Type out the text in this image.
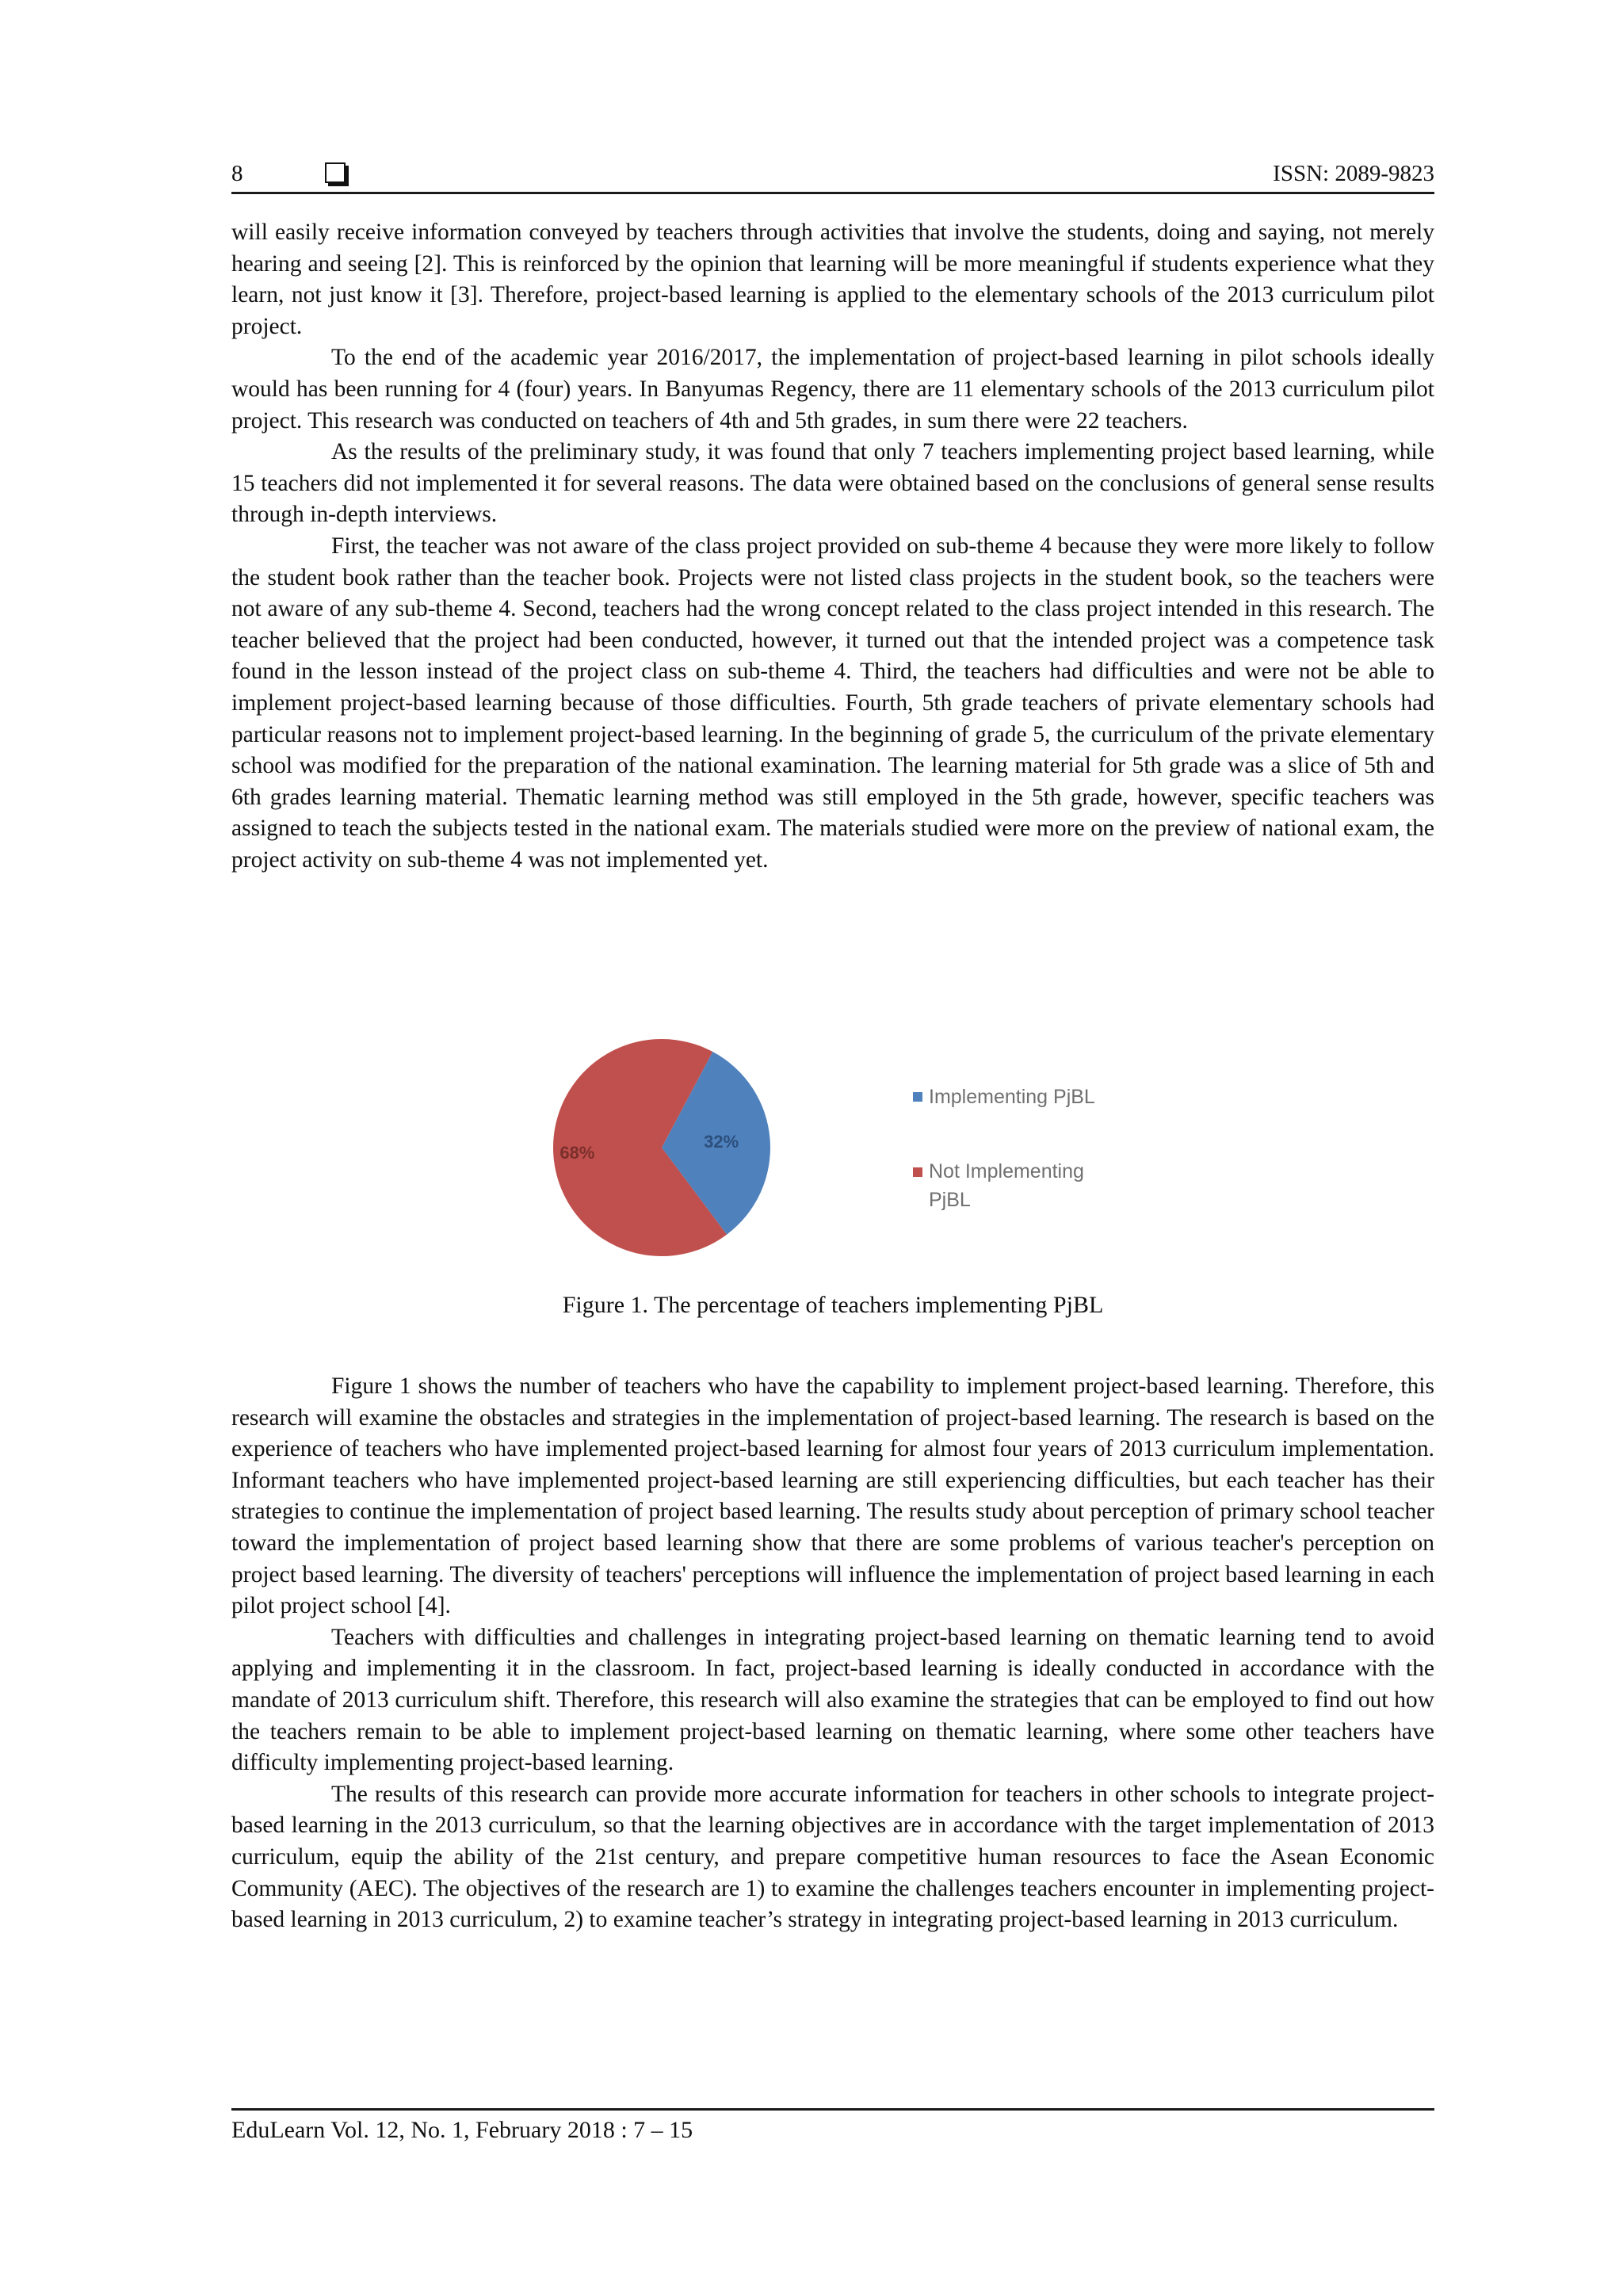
8	ISSN: 2089-9823

will easily receive information conveyed by teachers through activities that involve the students, doing and saying, not merely hearing and seeing [2]. This is reinforced by the opinion that learning will be more meaningful if students experience what they learn, not just know it [3]. Therefore, project-based learning is applied to the elementary schools of the 2013 curriculum pilot project.

To the end of the academic year 2016/2017, the implementation of project-based learning in pilot schools ideally would has been running for 4 (four) years. In Banyumas Regency, there are 11 elementary schools of the 2013 curriculum pilot project. This research was conducted on teachers of 4th and 5th grades, in sum there were 22 teachers.

As the results of the preliminary study, it was found that only 7 teachers implementing project based learning, while 15 teachers did not implemented it for several reasons. The data were obtained based on the conclusions of general sense results through in-depth interviews.

First, the teacher was not aware of the class project provided on sub-theme 4 because they were more likely to follow the student book rather than the teacher book. Projects were not listed class projects in the student book, so the teachers were not aware of any sub-theme 4. Second, teachers had the wrong concept related to the class project intended in this research. The teacher believed that the project had been conducted, however, it turned out that the intended project was a competence task found in the lesson instead of the project class on sub-theme 4. Third, the teachers had difficulties and were not be able to implement project-based learning because of those difficulties. Fourth, 5th grade teachers of private elementary schools had particular reasons not to implement project-based learning. In the beginning of grade 5, the curriculum of the private elementary school was modified for the preparation of the national examination. The learning material for 5th grade was a slice of 5th and 6th grades learning material. Thematic learning method was still employed in the 5th grade, however, specific teachers was assigned to teach the subjects tested in the national exam. The materials studied were more on the preview of national exam, the project activity on sub-theme 4 was not implemented yet.

32%
68%
Implementing PjBL
Not Implementing PjBL
Figure 1. The percentage of teachers implementing PjBL

Figure 1 shows the number of teachers who have the capability to implement project-based learning. Therefore, this research will examine the obstacles and strategies in the implementation of project-based learning. The research is based on the experience of teachers who have implemented project-based learning for almost four years of 2013 curriculum implementation. Informant teachers who have implemented project-based learning are still experiencing difficulties, but each teacher has their strategies to continue the implementation of project based learning. The results study about perception of primary school teacher toward the implementation of project based learning show that there are some problems of various teacher's perception on project based learning. The diversity of teachers' perceptions will influence the implementation of project based learning in each pilot project school [4].

Teachers with difficulties and challenges in integrating project-based learning on thematic learning tend to avoid applying and implementing it in the classroom. In fact, project-based learning is ideally conducted in accordance with the mandate of 2013 curriculum shift. Therefore, this research will also examine the strategies that can be employed to find out how the teachers remain to be able to implement project-based learning on thematic learning, where some other teachers have difficulty implementing project-based learning.

The results of this research can provide more accurate information for teachers in other schools to integrate project-based learning in the 2013 curriculum, so that the learning objectives are in accordance with the target implementation of 2013 curriculum, equip the ability of the 21st century, and prepare competitive human resources to face the Asean Economic Community (AEC). The objectives of the research are 1) to examine the challenges teachers encounter in implementing project-based learning in 2013 curriculum, 2) to examine teacher’s strategy in integrating project-based learning in 2013 curriculum.

EduLearn Vol. 12, No. 1, February 2018 : 7 – 15
